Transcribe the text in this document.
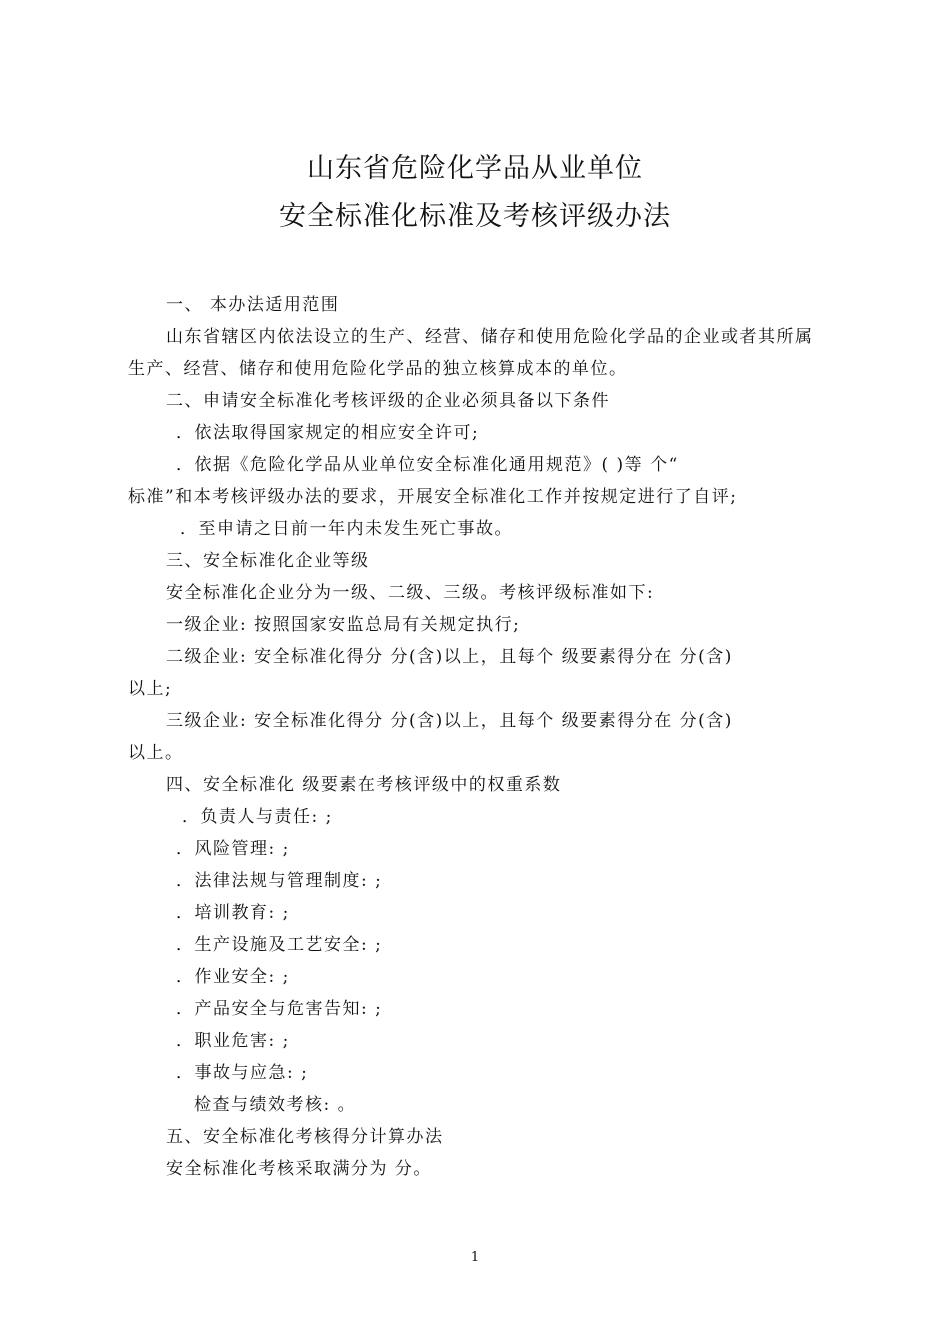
山东省危险化学品从业单位
安全标准化标准及考核评级办法
一、 本办法适用范围
山东省辖区内依法设立的生产、经营、储存和使用危险化学品的企业或者其所属
生产、经营、储存和使用危险化学品的独立核算成本的单位。
二、申请安全标准化考核评级的企业必须具备以下条件
．依法取得国家规定的相应安全许可;
．依据《危险化学品从业单位安全标准化通用规范》( )等 个“
标准”和本考核评级办法的要求，开展安全标准化工作并按规定进行了自评;
．至申请之日前一年内未发生死亡事故。
三、安全标准化企业等级
安全标准化企业分为一级、二级、三级。考核评级标准如下:
一级企业: 按照国家安监总局有关规定执行;
二级企业: 安全标准化得分 分(含)以上，且每个 级要素得分在 分(含)
以上;
三级企业: 安全标准化得分 分(含)以上，且每个 级要素得分在 分(含)
以上。
四、安全标准化 级要素在考核评级中的权重系数
．负责人与责任: ;
．风险管理: ;
．法律法规与管理制度: ;
．培训教育: ;
．生产设施及工艺安全: ;
．作业安全: ;
．产品安全与危害告知: ;
．职业危害: ;
．事故与应急: ;
检查与绩效考核: 。
五、安全标准化考核得分计算办法
安全标准化考核采取满分为 分。
1
